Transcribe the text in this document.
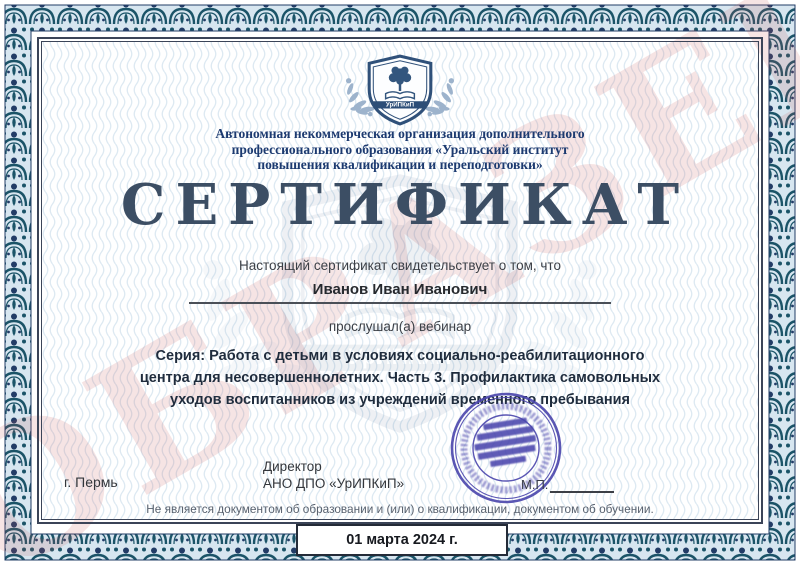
Автономная некоммерческая организация дополнительного
профессионального образования «Уральский институт
повышения квалификации и переподготовки»
СЕРТИФИКАТ
Настоящий сертификат свидетельствует о том, что
Иванов Иван Иванович
прослушал(а) вебинар
Серия: Работа с детьми в условиях социально-реабилитационного
центра для несовершеннолетних. Часть 3. Профилактика самовольных
уходов воспитанников из учреждений временного пребывания
г. Пермь
Директор
АНО ДПО «УрИПКиП»	М.П.
Не является документом об образовании и (или) о квалификации, документом об обучении.
01 марта 2024 г.
